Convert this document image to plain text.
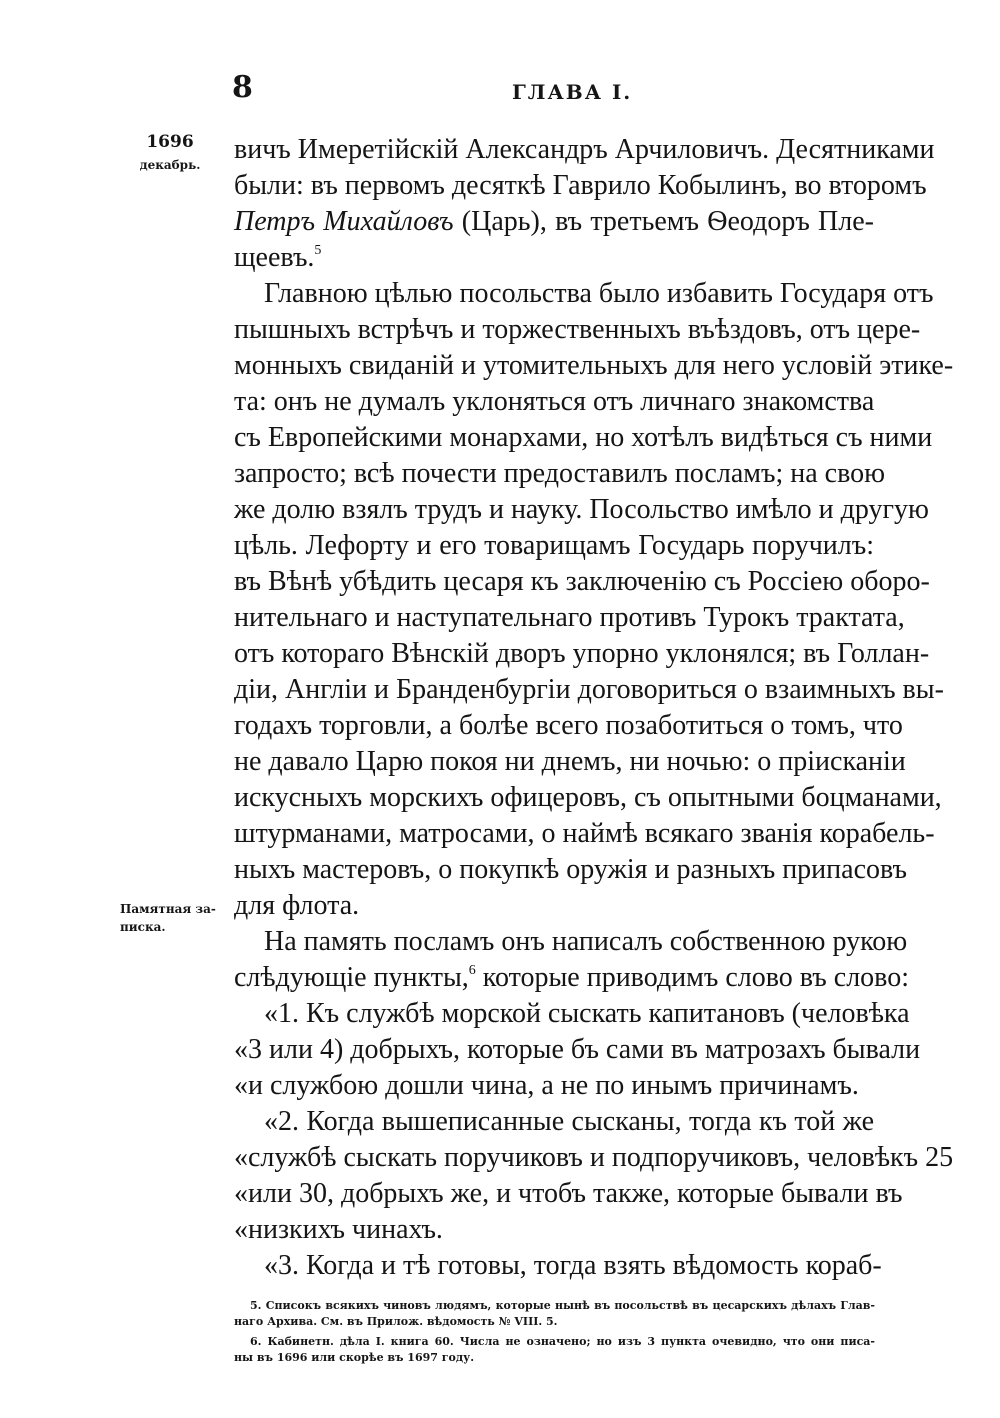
8	ГЛАВА I.
1696
декабрь.
Памятная за-
писка.
вичъ Имеретійскій Александръ Арчиловичъ. Десятниками
были: въ первомъ десяткѣ Гаврило Кобылинъ, во второмъ
Петръ Михайловъ (Царь), въ третьемъ Ѳеодоръ Пле-
щеевъ.$^5$
Главною цѣлью посольства было избавить Государя отъ
пышныхъ встрѣчъ и торжественныхъ въѣздовъ, отъ цере-
монныхъ свиданій и утомительныхъ для него условій этике-
та: онъ не думалъ уклоняться отъ личнаго знакомства
съ Европейскими монархами, но хотѣлъ видѣться съ ними
запросто; всѣ почести предоставилъ посламъ; на свою
же долю взялъ трудъ и науку. Посольство имѣло и другую
цѣль. Лефорту и его товарищамъ Государь поручилъ:
въ Вѣнѣ убѣдить цесаря къ заключенію съ Россіею оборо-
нительнаго и наступательнаго противъ Турокъ трактата,
отъ котораго Вѣнскій дворъ упорно уклонялся; въ Голлан-
діи, Англіи и Бранденбургіи договориться о взаимныхъ вы-
годахъ торговли, а болѣе всего позаботиться о томъ, что
не давало Царю покоя ни днемъ, ни ночью: о прiисканiи
искусныхъ морскихъ офицеровъ, съ опытными боцманами,
штурманами, матросами, о наймѣ всякаго званія корабель-
ныхъ мастеровъ, о покупкѣ оружія и разныхъ припасовъ
для флота.
На память посламъ онъ написалъ собственною рукою
слѣдующіе пункты,$^6$ которые приводимъ слово въ слово:
«1. Къ службѣ морской сыскать капитановъ (человѣка
«3 или 4) добрыхъ, которые бъ сами въ матрозахъ бывали
«и службою дошли чина, а не по инымъ причинамъ.
«2. Когда вышеписанные сысканы, тогда къ той же
«службѣ сыскать поручиковъ и подпоручиковъ, человѣкъ 25
«или 30, добрыхъ же, и чтобъ также, которые бывали въ
«низкихъ чинахъ.
«3. Когда и тѣ готовы, тогда взять вѣдомость кораб-
5. Списокъ всякихъ чиновъ людямъ, которые нынѣ въ посольствѣ въ цесарскихъ дѣлахъ Глав-
наго Архива. См. въ Прилож. вѣдомость № VIII. 5.
6. Кабинетн. дѣла I. книга 60. Числа не означено; но изъ 3 пункта очевидно, что они писа-
ны въ 1696 или скорѣе въ 1697 году.
